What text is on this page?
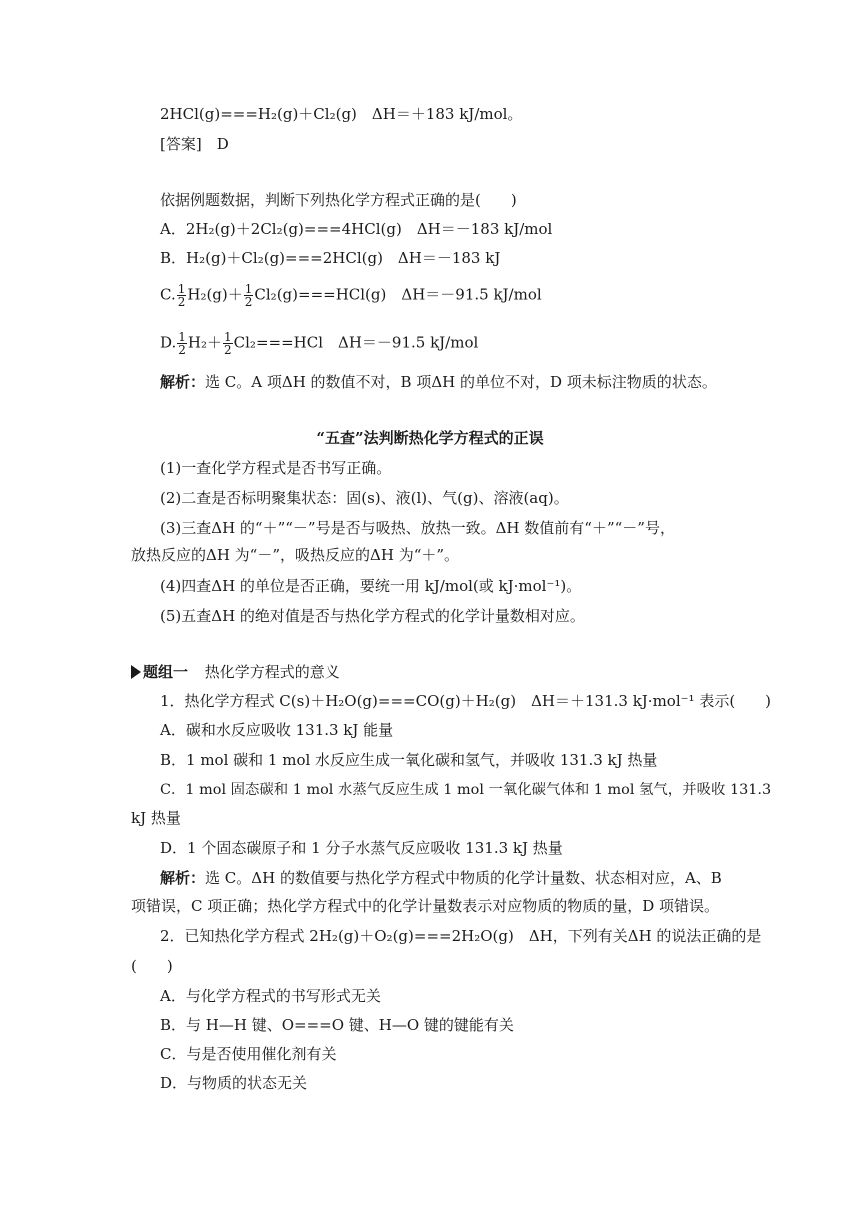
2HCl(g)===H₂(g)＋Cl₂(g)　ΔH＝＋183 kJ/mol。
[答案]　D
依据例题数据，判断下列热化学方程式正确的是(　　)
A．2H₂(g)＋2Cl₂(g)===4HCl(g)　ΔH＝－183 kJ/mol
B．H₂(g)＋Cl₂(g)===2HCl(g)　ΔH＝－183 kJ
C. $\frac{1}{2} H_2(g)+ \frac{1}{2} Cl_2(g)===HCl(g)$　ΔH＝－91.5 kJ/mol
D. $\frac{1}{2} H_2+ \frac{1}{2} Cl_2===HCl$　ΔH＝－91.5 kJ/mol
解析：选 C。A 项ΔH 的数值不对，B 项ΔH 的单位不对，D 项未标注物质的状态。
“五查”法判断热化学方程式的正误
(1)一查化学方程式是否书写正确。
(2)二查是否标明聚集状态：固(s)、液(l)、气(g)、溶液(aq)。
(3)三查ΔH 的“＋”“－”号是否与吸热、放热一致。ΔH 数值前有“＋”“－”号，
放热反应的ΔH 为“－”，吸热反应的ΔH 为“＋”。
(4)四查ΔH 的单位是否正确，要统一用 kJ/mol(或 kJ·mol⁻¹)。
(5)五查ΔH 的绝对值是否与热化学方程式的化学计量数相对应。
题组一 热化学方程式的意义
1．热化学方程式 C(s)＋H₂O(g)===CO(g)＋H₂(g)　ΔH＝＋131.3 kJ·mol⁻¹ 表示(　　)
A．碳和水反应吸收 131.3 kJ 能量
B．1 mol 碳和 1 mol 水反应生成一氧化碳和氢气，并吸收 131.3 kJ 热量
C．1 mol 固态碳和 1 mol 水蒸气反应生成 1 mol 一氧化碳气体和 1 mol 氢气，并吸收 131.3
kJ 热量
D．1 个固态碳原子和 1 分子水蒸气反应吸收 131.3 kJ 热量
解析：选 C。ΔH 的数值要与热化学方程式中物质的化学计量数、状态相对应，A、B
项错误，C 项正确；热化学方程式中的化学计量数表示对应物质的物质的量，D 项错误。
2．已知热化学方程式 2H₂(g)＋O₂(g)===2H₂O(g)　ΔH，下列有关ΔH 的说法正确的是
(　　)
A．与化学方程式的书写形式无关
B．与 H—H 键、O===O 键、H—O 键的键能有关
C．与是否使用催化剂有关
D．与物质的状态无关
